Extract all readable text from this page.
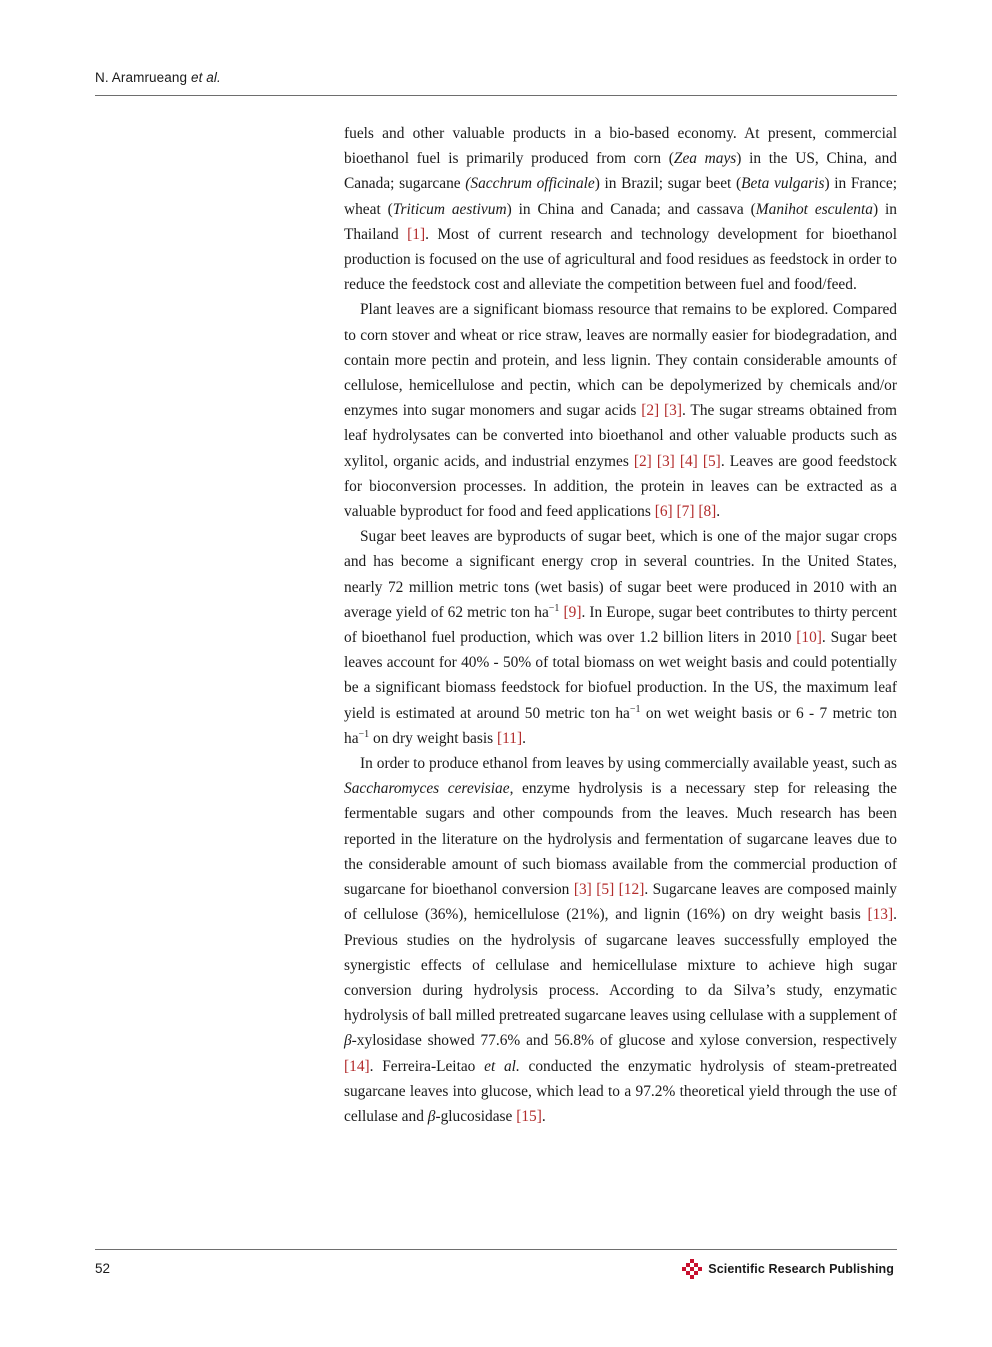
N. Aramrueang et al.

fuels and other valuable products in a bio-based economy. At present, commercial bioethanol fuel is primarily produced from corn (Zea mays) in the US, China, and Canada; sugarcane (Sacchrum officinale) in Brazil; sugar beet (Beta vulgaris) in France; wheat (Triticum aestivum) in China and Canada; and cassava (Manihot esculenta) in Thailand [1]. Most of current research and technology development for bioethanol production is focused on the use of agricultural and food residues as feedstock in order to reduce the feedstock cost and alleviate the competition between fuel and food/feed.

Plant leaves are a significant biomass resource that remains to be explored. Compared to corn stover and wheat or rice straw, leaves are normally easier for biodegradation, and contain more pectin and protein, and less lignin. They contain considerable amounts of cellulose, hemicellulose and pectin, which can be depolymerized by chemicals and/or enzymes into sugar monomers and sugar acids [2] [3]. The sugar streams obtained from leaf hydrolysates can be converted into bioethanol and other valuable products such as xylitol, organic acids, and industrial enzymes [2] [3] [4] [5]. Leaves are good feedstock for bioconversion processes. In addition, the protein in leaves can be extracted as a valuable byproduct for food and feed applications [6] [7] [8].

Sugar beet leaves are byproducts of sugar beet, which is one of the major sugar crops and has become a significant energy crop in several countries. In the United States, nearly 72 million metric tons (wet basis) of sugar beet were produced in 2010 with an average yield of 62 metric ton $ha^{-1}$ [9]. In Europe, sugar beet contributes to thirty percent of bioethanol fuel production, which was over 1.2 billion liters in 2010 [10]. Sugar beet leaves account for 40% - 50% of total biomass on wet weight basis and could potentially be a significant biomass feedstock for biofuel production. In the US, the maximum leaf yield is estimated at around 50 metric ton $ha^{-1}$ on wet weight basis or 6 - 7 metric ton $ha^{-1}$ on dry weight basis [11].

In order to produce ethanol from leaves by using commercially available yeast, such as Saccharomyces cerevisiae, enzyme hydrolysis is a necessary step for releasing the fermentable sugars and other compounds from the leaves. Much research has been reported in the literature on the hydrolysis and fermentation of sugarcane leaves due to the considerable amount of such biomass available from the commercial production of sugarcane for bioethanol conversion [3] [5] [12]. Sugarcane leaves are composed mainly of cellulose (36%), hemicellulose (21%), and lignin (16%) on dry weight basis [13]. Previous studies on the hydrolysis of sugarcane leaves successfully employed the synergistic effects of cellulase and hemicellulase mixture to achieve high sugar conversion during hydrolysis process. According to da Silva’s study, enzymatic hydrolysis of ball milled pretreated sugarcane leaves using cellulase with a supplement of β-xylosidase showed 77.6% and 56.8% of glucose and xylose conversion, respectively [14]. Ferreira-Leitao et al. conducted the enzymatic hydrolysis of steam-pretreated sugarcane leaves into glucose, which lead to a 97.2% theoretical yield through the use of cellulase and β-glucosidase [15].

52	Scientific Research Publishing
